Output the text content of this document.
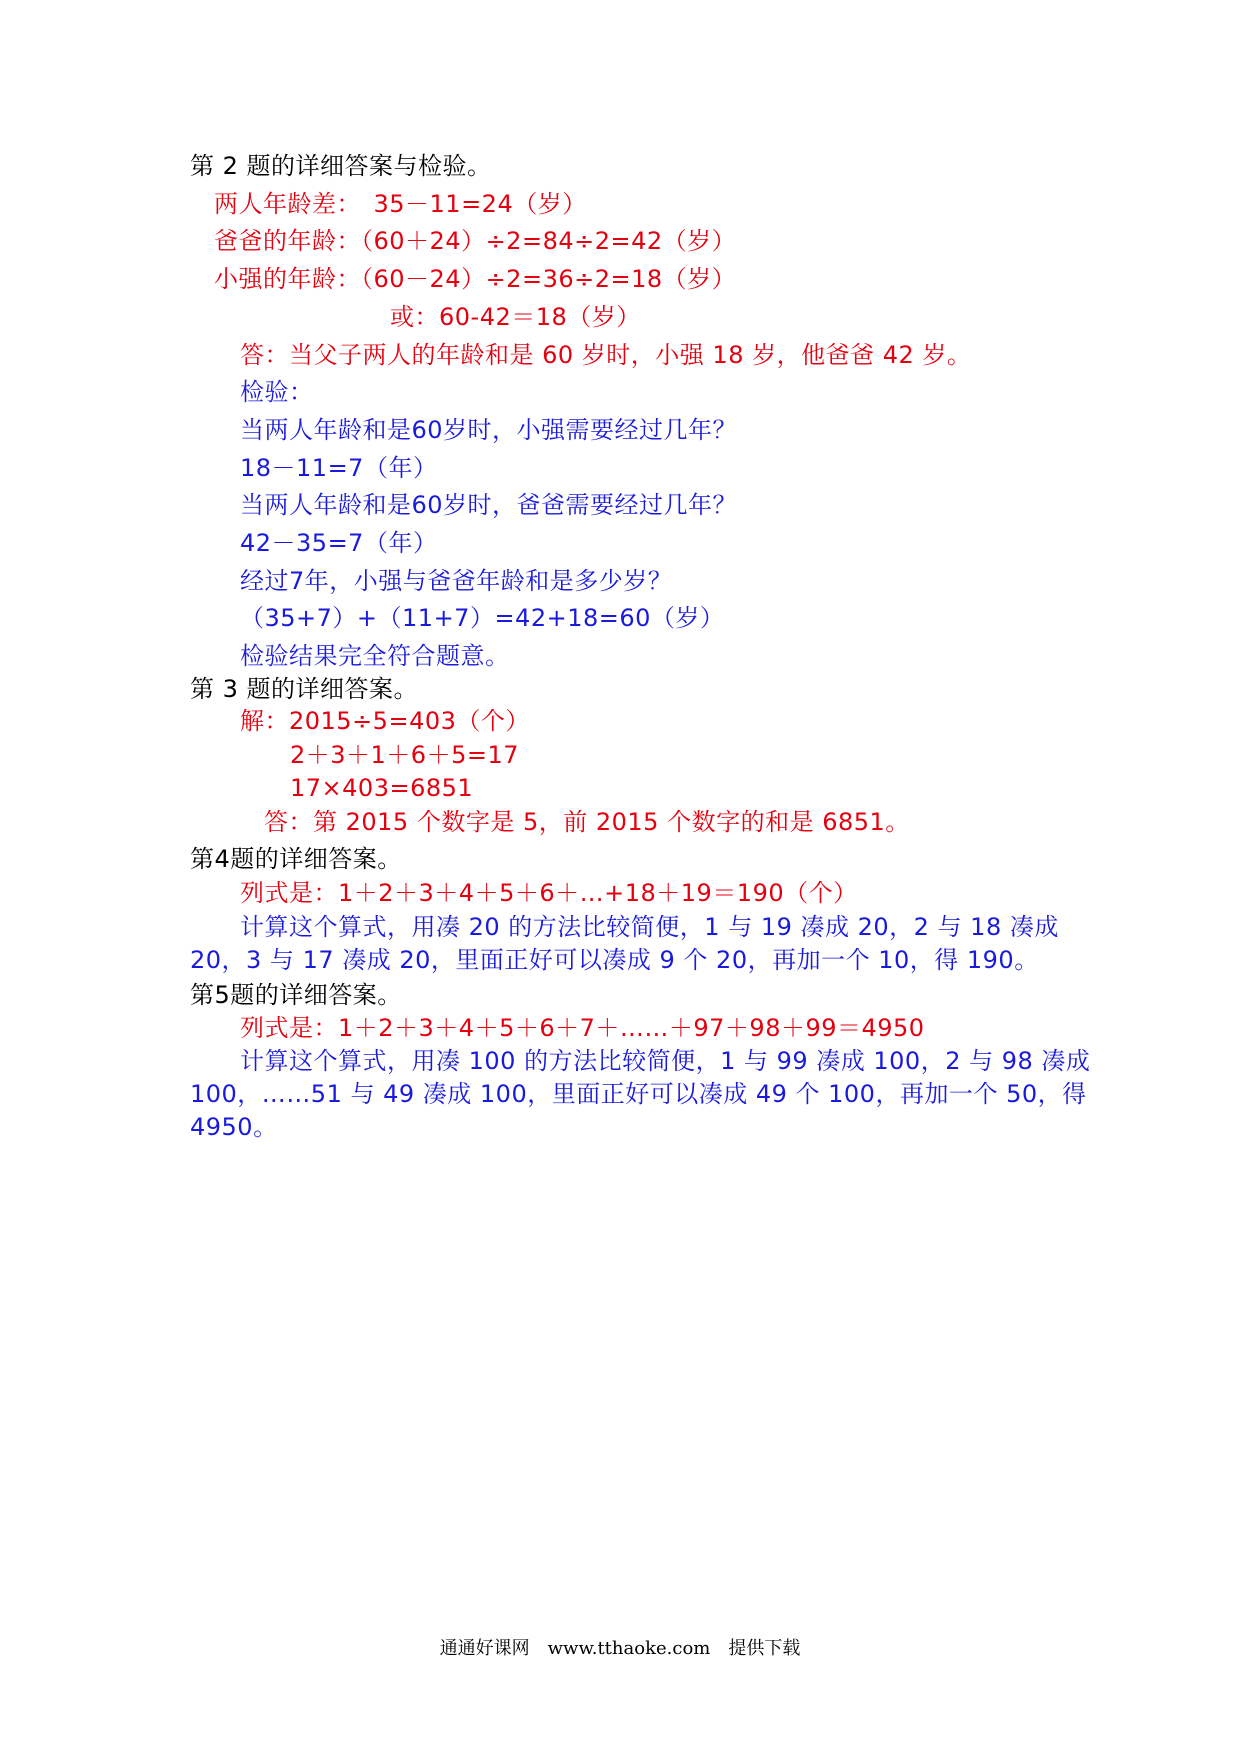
第 2 题的详细答案与检验。
两人年龄差：　35－11=24（岁）
爸爸的年龄：（60＋24）÷2=84÷2=42（岁）
小强的年龄：（60－24）÷2=36÷2=18（岁）
或：60-42＝18（岁）
答：当父子两人的年龄和是 60 岁时，小强 18 岁，他爸爸 42 岁。
检验：
当两人年龄和是60岁时，小强需要经过几年？
18－11=7（年）
当两人年龄和是60岁时，爸爸需要经过几年？
42－35=7（年）
经过7年，小强与爸爸年龄和是多少岁？
（35+7）+（11+7）=42+18=60（岁）
检验结果完全符合题意。
第 3 题的详细答案。
解：2015÷5=403（个）
2＋3＋1＋6＋5=17
17×403=6851
答：第 2015 个数字是 5，前 2015 个数字的和是 6851。
第4题的详细答案。
列式是：1＋2＋3＋4＋5＋6＋…+18＋19＝190（个）
计算这个算式，用凑 20 的方法比较简便，1 与 19 凑成 20，2 与 18 凑成
20，3 与 17 凑成 20，里面正好可以凑成 9 个 20，再加一个 10，得 190。
第5题的详细答案。
列式是：1＋2＋3＋4＋5＋6＋7＋……＋97＋98＋99＝4950
计算这个算式，用凑 100 的方法比较简便，1 与 99 凑成 100，2 与 98 凑成
100，……51 与 49 凑成 100，里面正好可以凑成 49 个 100，再加一个 50，得
4950。
通通好课网　www.tthaoke.com　提供下载
